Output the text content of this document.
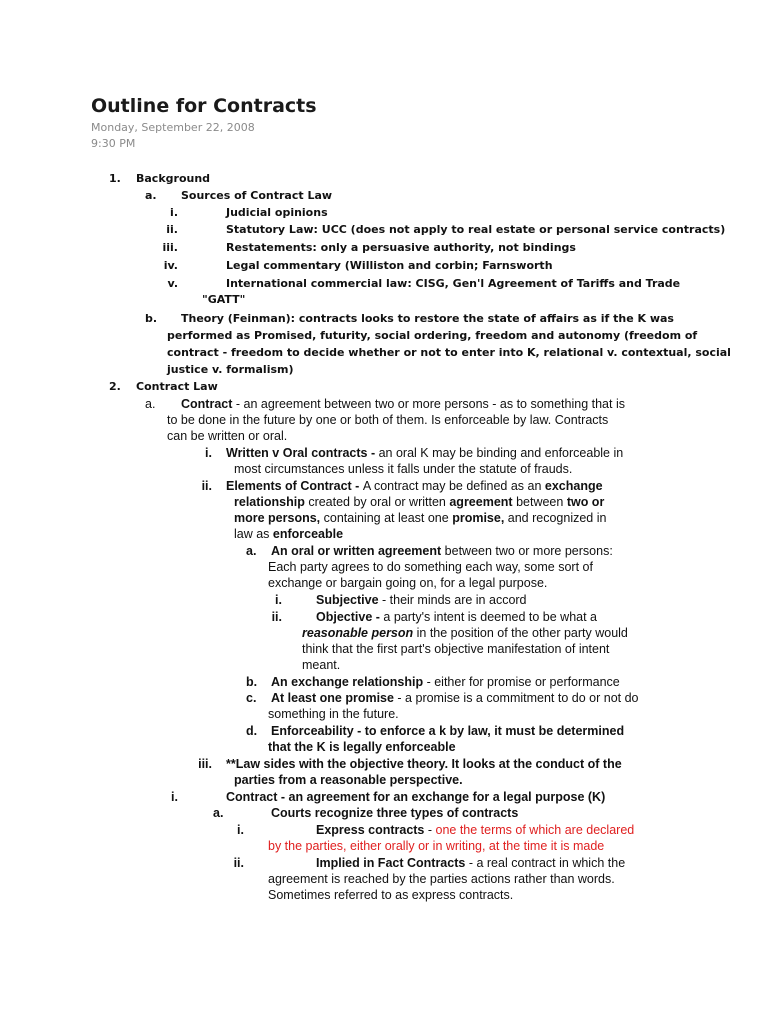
Outline for Contracts
Monday, September 22, 2008
9:30 PM
1. Background
a. Sources of Contract Law
i.	Judicial opinions
ii.	Statutory Law: UCC (does not apply to real estate or personal service contracts)
iii.	Restatements: only a persuasive authority, not bindings
iv.	Legal commentary (Williston and corbin; Farnsworth
v.	International commercial law: CISG, Gen'l Agreement of Tariffs and Trade
"GATT"
b. Theory (Feinman): contracts looks to restore the state of affairs as if the K was
performed as Promised, futurity, social ordering, freedom and autonomy (freedom of
contract - freedom to decide whether or not to enter into K, relational v. contextual, social
justice v. formalism)
2. Contract Law
a. Contract - an agreement between two or more persons - as to something that is
to be done in the future by one or both of them. Is enforceable by law. Contracts
can be written or oral.
i. Written v Oral contracts - an oral K may be binding and enforceable in
most circumstances unless it falls under the statute of frauds.
ii. Elements of Contract - A contract may be defined as an exchange
relationship created by oral or written agreement between two or
more persons, containing at least one promise, and recognized in
law as enforceable
a. An oral or written agreement between two or more persons:
Each party agrees to do something each way, some sort of
exchange or bargain going on, for a legal purpose.
i.	Subjective - their minds are in accord
ii.	Objective - a party's intent is deemed to be what a
reasonable person in the position of the other party would
think that the first part's objective manifestation of intent
meant.
b. An exchange relationship - either for promise or performance
c. At least one promise - a promise is a commitment to do or not do
something in the future.
d. Enforceability - to enforce a k by law, it must be determined
that the K is legally enforceable
iii. **Law sides with the objective theory. It looks at the conduct of the
parties from a reasonable perspective.
i.	Contract - an agreement for an exchange for a legal purpose (K)
a.	Courts recognize three types of contracts
i.	Express contracts - one the terms of which are declared
by the parties, either orally or in writing, at the time it is made
ii.	Implied in Fact Contracts - a real contract in which the
agreement is reached by the parties actions rather than words.
Sometimes referred to as express contracts.
